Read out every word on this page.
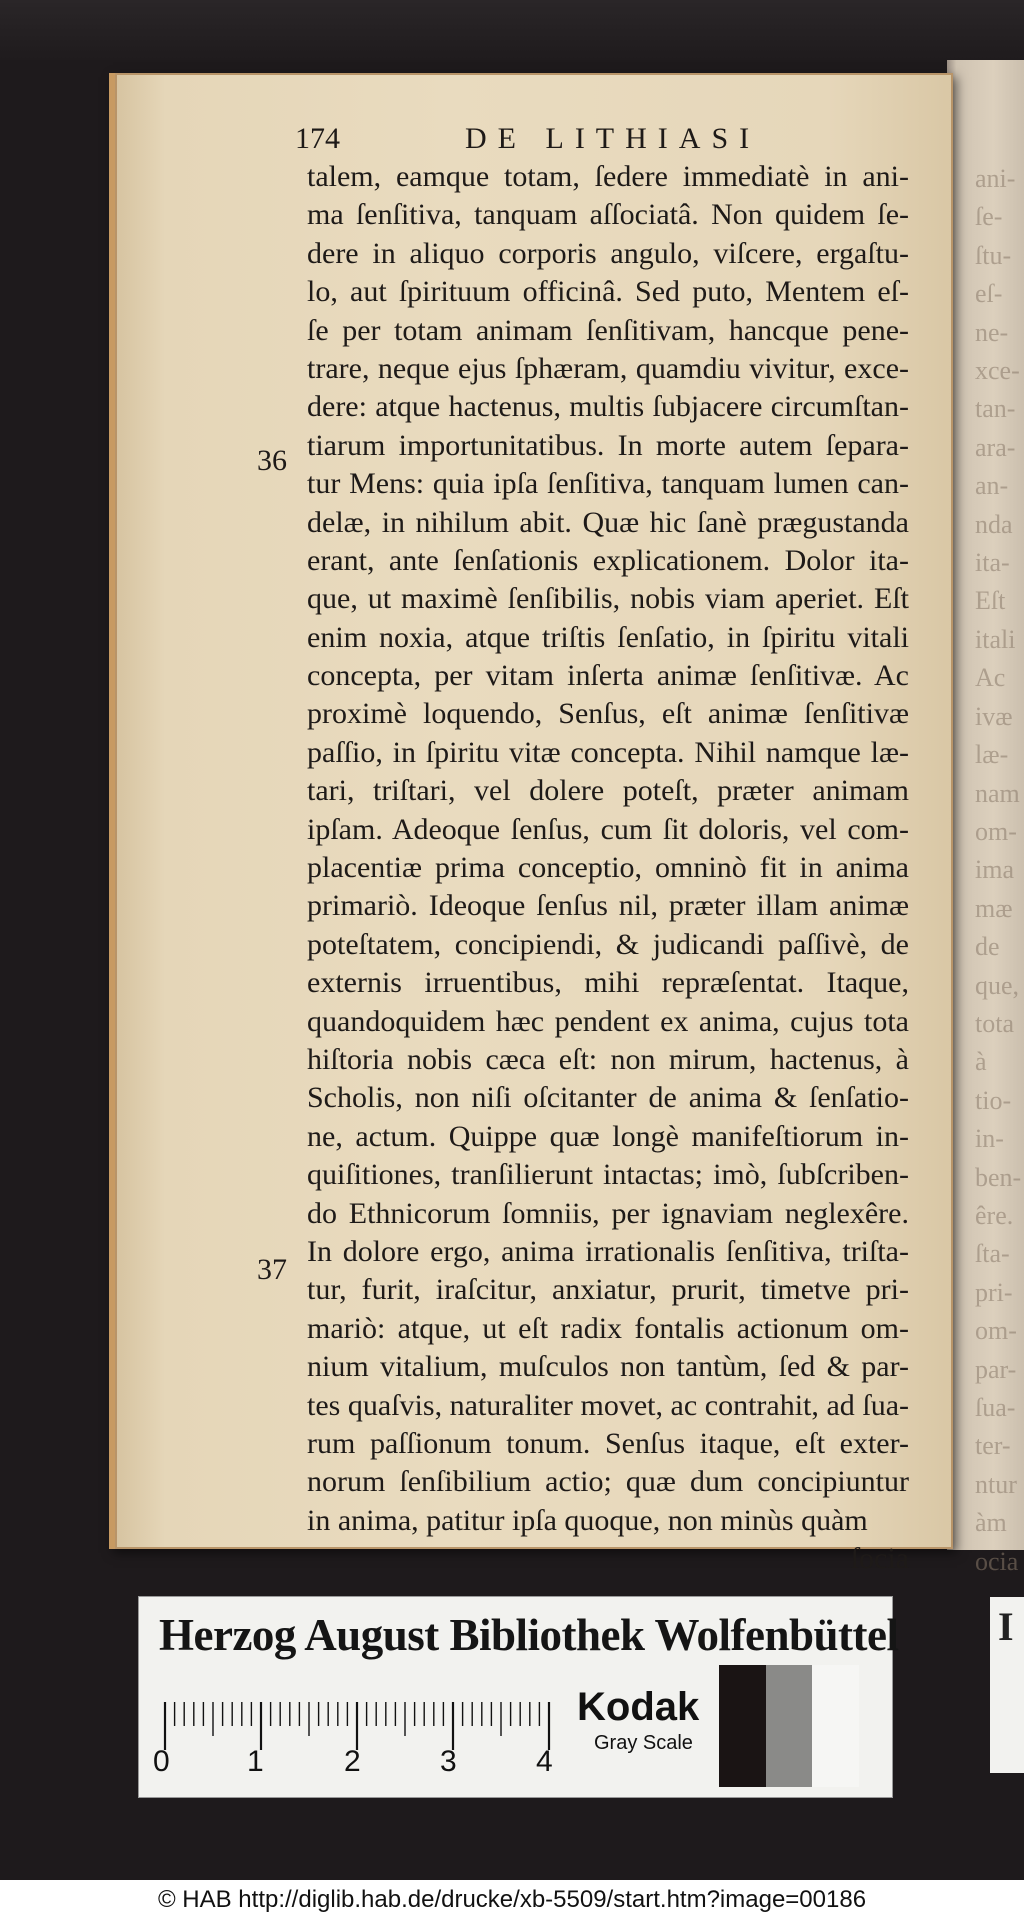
ani-
ſe-
ſtu-
eſ-
ne-
xce-
tan-
ara-
an-
nda
ita-
Eſt
itali
Ac
ivæ
læ-
nam
om-
ima
mæ
de
que,
tota
à
tio-
in-
ben-
êre.
ſta-
pri-
om-
par-
ſua-
ter-
ntur
àm
ocia
174	DE LITHIASI
36
37
talem, eamque totam, ſedere immediatè in ani-
ma ſenſitiva, tanquam aſſociatâ. Non quidem ſe-
dere in aliquo corporis angulo, viſcere, ergaſtu-
lo, aut ſpirituum officinâ. Sed puto, Mentem eſ-
ſe per totam animam ſenſitivam, hancque pene-
trare, neque ejus ſphæram, quamdiu vivitur, exce-
dere: atque hactenus, multis ſubjacere circumſtan-
tiarum importunitatibus. In morte autem ſepara-
tur Mens: quia ipſa ſenſitiva, tanquam lumen can-
delæ, in nihilum abit. Quæ hic ſanè prægustanda
erant, ante ſenſationis explicationem. Dolor ita-
que, ut maximè ſenſibilis, nobis viam aperiet. Eſt
enim noxia, atque triſtis ſenſatio, in ſpiritu vitali
concepta, per vitam inſerta animæ ſenſitivæ. Ac
proximè loquendo, Senſus, eſt animæ ſenſitivæ
paſſio, in ſpiritu vitæ concepta. Nihil namque læ-
tari, triſtari, vel dolere poteſt, præter animam
ipſam. Adeoque ſenſus, cum ſit doloris, vel com-
placentiæ prima conceptio, omninò fit in anima
primariò. Ideoque ſenſus nil, præter illam animæ
poteſtatem, concipiendi, & judicandi paſſivè, de
externis irruentibus, mihi repræſentat. Itaque,
quandoquidem hæc pendent ex anima, cujus tota
hiſtoria nobis cæca eſt: non mirum, hactenus, à
Scholis, non niſi oſcitanter de anima & ſenſatio-
ne, actum. Quippe quæ longè manifeſtiorum in-
quiſitiones, tranſilierunt intactas; imò, ſubſcriben-
do Ethnicorum ſomniis, per ignaviam neglexêre.
In dolore ergo, anima irrationalis ſenſitiva, triſta-
tur, furit, iraſcitur, anxiatur, prurit, timetve pri-
mariò: atque, ut eſt radix fontalis actionum om-
nium vitalium, muſculos non tantùm, ſed & par-
tes quaſvis, naturaliter movet, ac contrahit, ad ſua-
rum paſſionum tonum. Senſus itaque, eſt exter-
norum ſenſibilium actio; quæ dum concipiuntur
in anima, patitur ipſa quoque, non minùs quàm
ſocia
Herzog August Bibliothek Wolfenbüttel
0	1	2	3	4
Kodak
Gray Scale
I
© HAB http://diglib.hab.de/drucke/xb-5509/start.htm?image=00186
